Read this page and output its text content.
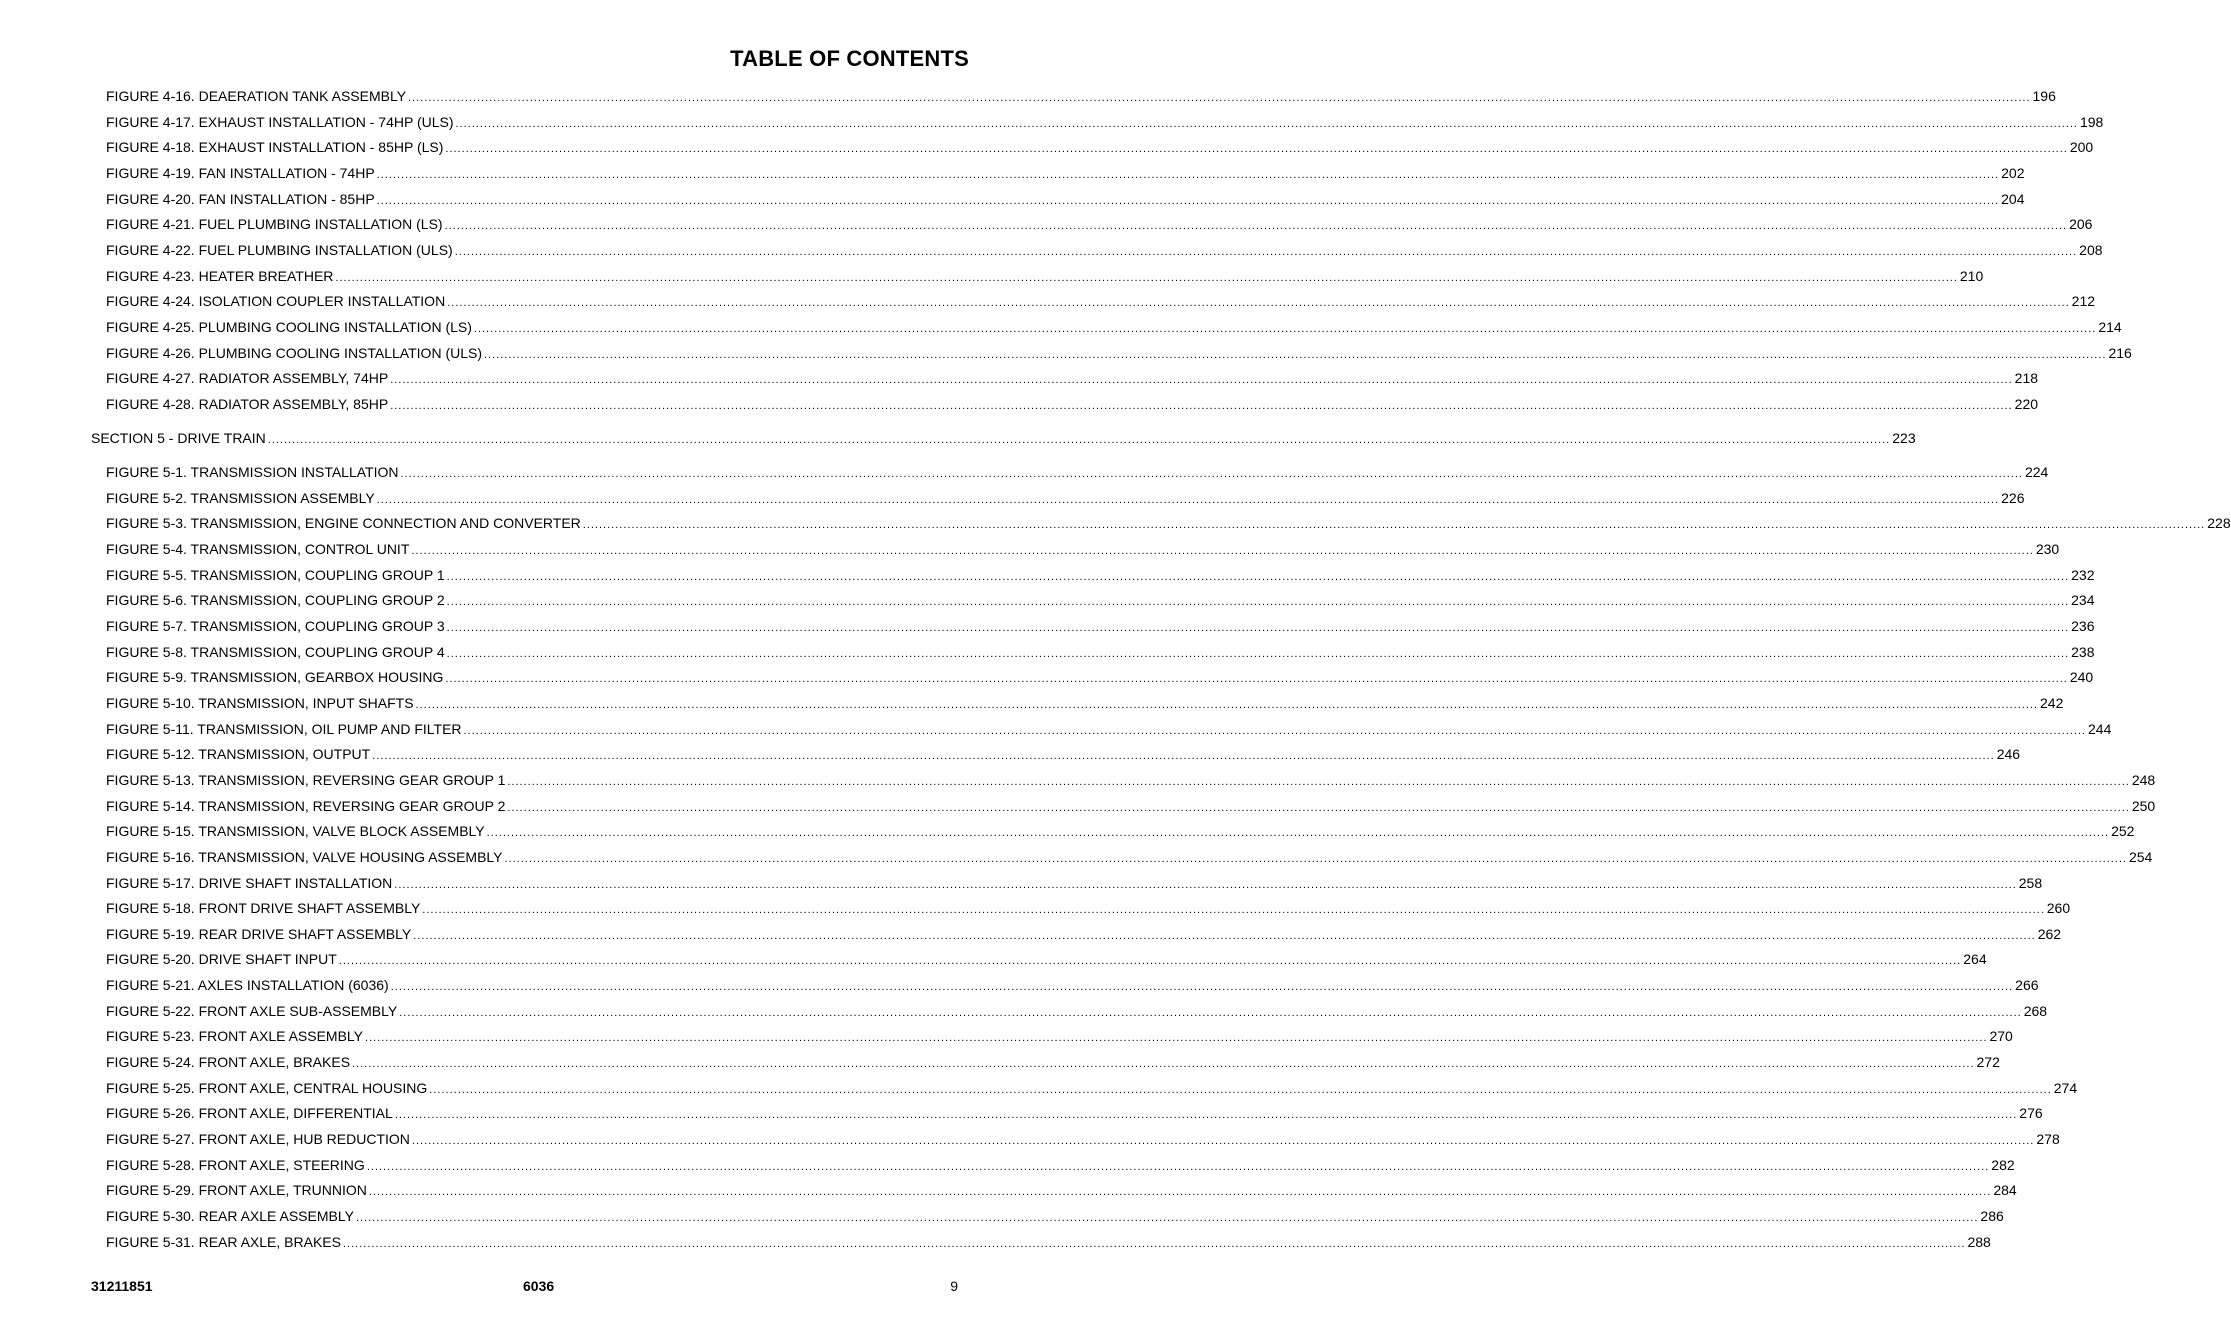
TABLE OF CONTENTS
FIGURE 4-16. DEAERATION TANK ASSEMBLY ................................................................................................................................................................................................................................................................................................................................................................................................................ 196
FIGURE 4-17. EXHAUST INSTALLATION - 74HP (ULS) ................................................................................................................................................................................................................................................................................................................................................................................................................ 198
FIGURE 4-18. EXHAUST INSTALLATION - 85HP (LS) ................................................................................................................................................................................................................................................................................................................................................................................................................ 200
FIGURE 4-19. FAN INSTALLATION - 74HP ................................................................................................................................................................................................................................................................................................................................................................................................................ 202
FIGURE 4-20. FAN INSTALLATION - 85HP ................................................................................................................................................................................................................................................................................................................................................................................................................ 204
FIGURE 4-21. FUEL PLUMBING INSTALLATION (LS) ................................................................................................................................................................................................................................................................................................................................................................................................................ 206
FIGURE 4-22. FUEL PLUMBING INSTALLATION (ULS) ................................................................................................................................................................................................................................................................................................................................................................................................................ 208
FIGURE 4-23. HEATER BREATHER ................................................................................................................................................................................................................................................................................................................................................................................................................ 210
FIGURE 4-24. ISOLATION COUPLER INSTALLATION ................................................................................................................................................................................................................................................................................................................................................................................................................ 212
FIGURE 4-25. PLUMBING COOLING INSTALLATION (LS) ................................................................................................................................................................................................................................................................................................................................................................................................................ 214
FIGURE 4-26. PLUMBING COOLING INSTALLATION (ULS) ................................................................................................................................................................................................................................................................................................................................................................................................................ 216
FIGURE 4-27. RADIATOR ASSEMBLY, 74HP ................................................................................................................................................................................................................................................................................................................................................................................................................ 218
FIGURE 4-28. RADIATOR ASSEMBLY, 85HP ................................................................................................................................................................................................................................................................................................................................................................................................................ 220
SECTION 5 - DRIVE TRAIN ................................................................................................................................................................................................................................................................................................................................................................................................................ 223
FIGURE 5-1. TRANSMISSION INSTALLATION ................................................................................................................................................................................................................................................................................................................................................................................................................ 224
FIGURE 5-2. TRANSMISSION ASSEMBLY ................................................................................................................................................................................................................................................................................................................................................................................................................ 226
FIGURE 5-3. TRANSMISSION, ENGINE CONNECTION AND CONVERTER ................................................................................................................................................................................................................................................................................................................................................................................................................ 228
FIGURE 5-4. TRANSMISSION, CONTROL UNIT ................................................................................................................................................................................................................................................................................................................................................................................................................ 230
FIGURE 5-5. TRANSMISSION, COUPLING GROUP 1 ................................................................................................................................................................................................................................................................................................................................................................................................................ 232
FIGURE 5-6. TRANSMISSION, COUPLING GROUP 2 ................................................................................................................................................................................................................................................................................................................................................................................................................ 234
FIGURE 5-7. TRANSMISSION, COUPLING GROUP 3 ................................................................................................................................................................................................................................................................................................................................................................................................................ 236
FIGURE 5-8. TRANSMISSION, COUPLING GROUP 4 ................................................................................................................................................................................................................................................................................................................................................................................................................ 238
FIGURE 5-9. TRANSMISSION, GEARBOX HOUSING ................................................................................................................................................................................................................................................................................................................................................................................................................ 240
FIGURE 5-10. TRANSMISSION, INPUT SHAFTS ................................................................................................................................................................................................................................................................................................................................................................................................................ 242
FIGURE 5-11. TRANSMISSION, OIL PUMP AND FILTER ................................................................................................................................................................................................................................................................................................................................................................................................................ 244
FIGURE 5-12. TRANSMISSION, OUTPUT ................................................................................................................................................................................................................................................................................................................................................................................................................ 246
FIGURE 5-13. TRANSMISSION, REVERSING GEAR GROUP 1 ................................................................................................................................................................................................................................................................................................................................................................................................................ 248
FIGURE 5-14. TRANSMISSION, REVERSING GEAR GROUP 2 ................................................................................................................................................................................................................................................................................................................................................................................................................ 250
FIGURE 5-15. TRANSMISSION, VALVE BLOCK ASSEMBLY ................................................................................................................................................................................................................................................................................................................................................................................................................ 252
FIGURE 5-16. TRANSMISSION, VALVE HOUSING ASSEMBLY ................................................................................................................................................................................................................................................................................................................................................................................................................ 254
FIGURE 5-17. DRIVE SHAFT INSTALLATION ................................................................................................................................................................................................................................................................................................................................................................................................................ 258
FIGURE 5-18. FRONT DRIVE SHAFT ASSEMBLY ................................................................................................................................................................................................................................................................................................................................................................................................................ 260
FIGURE 5-19. REAR DRIVE SHAFT ASSEMBLY ................................................................................................................................................................................................................................................................................................................................................................................................................ 262
FIGURE 5-20. DRIVE SHAFT INPUT ................................................................................................................................................................................................................................................................................................................................................................................................................ 264
FIGURE 5-21. AXLES INSTALLATION (6036) ................................................................................................................................................................................................................................................................................................................................................................................................................ 266
FIGURE 5-22. FRONT AXLE SUB-ASSEMBLY ................................................................................................................................................................................................................................................................................................................................................................................................................ 268
FIGURE 5-23. FRONT AXLE ASSEMBLY ................................................................................................................................................................................................................................................................................................................................................................................................................ 270
FIGURE 5-24. FRONT AXLE, BRAKES ................................................................................................................................................................................................................................................................................................................................................................................................................ 272
FIGURE 5-25. FRONT AXLE, CENTRAL HOUSING ................................................................................................................................................................................................................................................................................................................................................................................................................ 274
FIGURE 5-26. FRONT AXLE, DIFFERENTIAL ................................................................................................................................................................................................................................................................................................................................................................................................................ 276
FIGURE 5-27. FRONT AXLE, HUB REDUCTION ................................................................................................................................................................................................................................................................................................................................................................................................................ 278
FIGURE 5-28. FRONT AXLE, STEERING ................................................................................................................................................................................................................................................................................................................................................................................................................ 282
FIGURE 5-29. FRONT AXLE, TRUNNION ................................................................................................................................................................................................................................................................................................................................................................................................................ 284
FIGURE 5-30. REAR AXLE ASSEMBLY ................................................................................................................................................................................................................................................................................................................................................................................................................ 286
FIGURE 5-31. REAR AXLE, BRAKES ................................................................................................................................................................................................................................................................................................................................................................................................................ 288
31211851	6036	9
